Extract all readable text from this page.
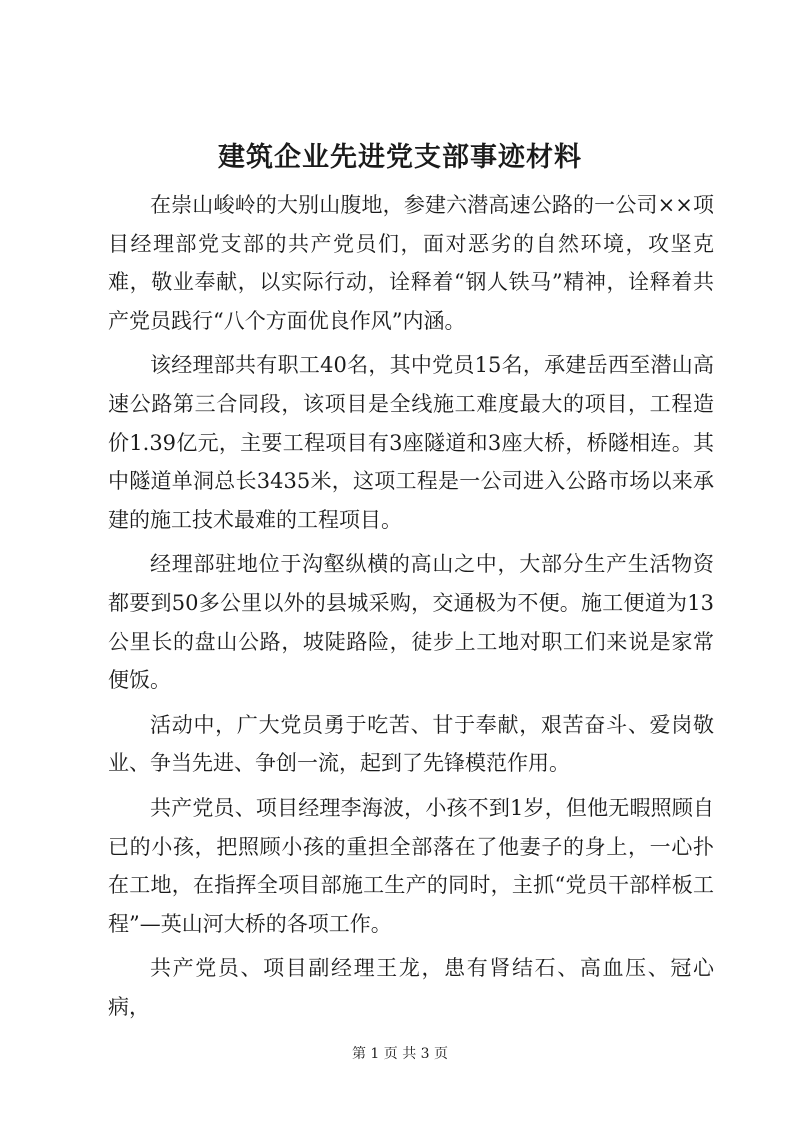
建筑企业先进党支部事迹材料

在崇山峻岭的大别山腹地，参建六潜高速公路的一公司××项目经理部党支部的共产党员们，面对恶劣的自然环境，攻坚克难，敬业奉献，以实际行动，诠释着“钢人铁马”精神，诠释着共产党员践行“八个方面优良作风”内涵。

该经理部共有职工40名，其中党员15名，承建岳西至潜山高速公路第三合同段，该项目是全线施工难度最大的项目，工程造价1.39亿元，主要工程项目有3座隧道和3座大桥，桥隧相连。其中隧道单洞总长3435米，这项工程是一公司进入公路市场以来承建的施工技术最难的工程项目。

经理部驻地位于沟壑纵横的高山之中，大部分生产生活物资都要到50多公里以外的县城采购，交通极为不便。施工便道为13公里长的盘山公路，坡陡路险，徒步上工地对职工们来说是家常便饭。

活动中，广大党员勇于吃苦、甘于奉献，艰苦奋斗、爱岗敬业、争当先进、争创一流，起到了先锋模范作用。

共产党员、项目经理李海波，小孩不到1岁，但他无暇照顾自已的小孩，把照顾小孩的重担全部落在了他妻子的身上，一心扑在工地，在指挥全项目部施工生产的同时，主抓“党员干部样板工程”—英山河大桥的各项工作。

共产党员、项目副经理王龙，患有肾结石、高血压、冠心病，

第 1 页 共 3 页
